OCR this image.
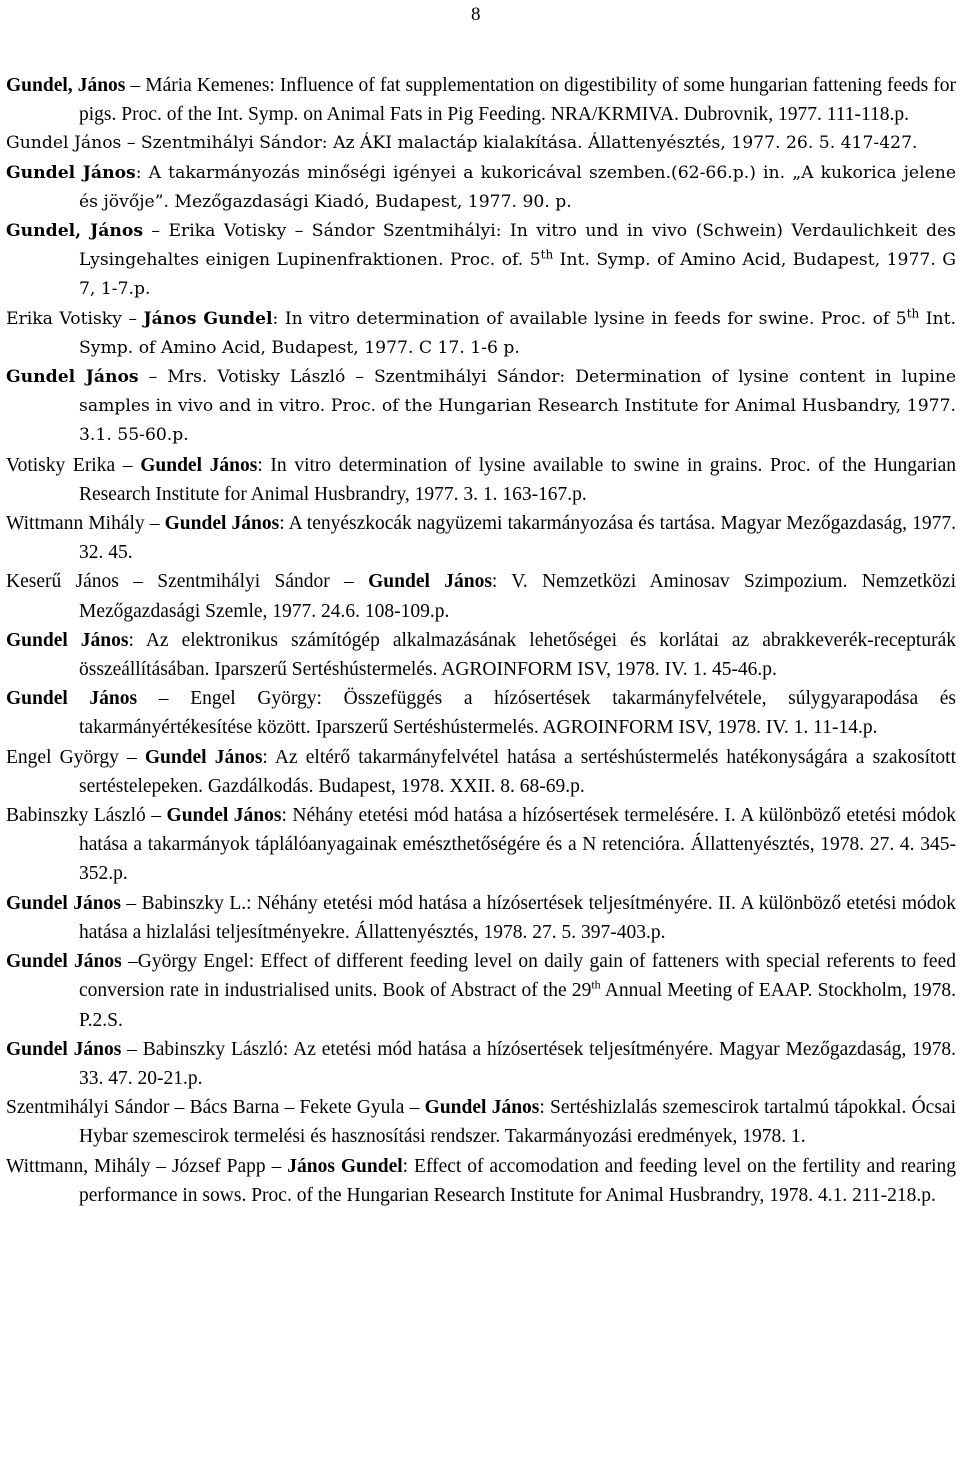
8
Gundel, János – Mária Kemenes: Influence of fat supplementation on digestibility of some hungarian fattening feeds for pigs. Proc. of the Int. Symp. on Animal Fats in Pig Feeding. NRA/KRMIVA. Dubrovnik, 1977. 111-118.p.
Gundel János – Szentmihályi Sándor: Az ÁKI malactáp kialakítása. Állattenyésztés, 1977. 26. 5. 417-427.
Gundel János: A takarmányozás minőségi igényei a kukoricával szemben.(62-66.p.) in. „A kukorica jelene és jövője”. Mezőgazdasági Kiadó, Budapest, 1977. 90. p.
Gundel, János – Erika Votisky – Sándor Szentmihályi: In vitro und in vivo (Schwein) Verdaulichkeit des Lysingehaltes einigen Lupinenfraktionen. Proc. of. 5th Int. Symp. of Amino Acid, Budapest, 1977. G 7, 1-7.p.
Erika Votisky – János Gundel: In vitro determination of available lysine in feeds for swine. Proc. of 5th Int. Symp. of Amino Acid, Budapest, 1977. C 17. 1-6 p.
Gundel János – Mrs. Votisky László – Szentmihályi Sándor: Determination of lysine content in lupine samples in vivo and in vitro. Proc. of the Hungarian Research Institute for Animal Husbandry, 1977. 3.1. 55-60.p.
Votisky Erika – Gundel János: In vitro determination of lysine available to swine in grains. Proc. of the Hungarian Research Institute for Animal Husbrandry, 1977. 3. 1. 163-167.p.
Wittmann Mihály – Gundel János: A tenyészkocák nagyüzemi takarmányozása és tartása. Magyar Mezőgazdaság, 1977. 32. 45.
Keserű János – Szentmihályi Sándor – Gundel János: V. Nemzetközi Aminosav Szimpozium. Nemzetközi Mezőgazdasági Szemle, 1977. 24.6. 108-109.p.
Gundel János: Az elektronikus számítógép alkalmazásának lehetőségei és korlátai az abrakkeverék-recepturák összeállításában. Iparszerű Sertéshústermelés. AGROINFORM ISV, 1978. IV. 1. 45-46.p.
Gundel János – Engel György: Összefüggés a hízósertések takarmányfelvétele, súlygyarapodása és takarmányértékesítése között. Iparszerű Sertéshústermelés. AGROINFORM ISV, 1978. IV. 1. 11-14.p.
Engel György – Gundel János: Az eltérő takarmányfelvétel hatása a sertéshústermelés hatékonyságára a szakosított sertéstelepeken. Gazdálkodás. Budapest, 1978. XXII. 8. 68-69.p.
Babinszky László – Gundel János: Néhány etetési mód hatása a hízósertések termelésére. I. A különböző etetési módok hatása a takarmányok táplálóanyagainak emészthetőségére és a N retencióra. Állattenyésztés, 1978. 27. 4. 345-352.p.
Gundel János – Babinszky L.: Néhány etetési mód hatása a hízósertések teljesítményére. II. A különböző etetési módok hatása a hizlalási teljesítményekre. Állattenyésztés, 1978. 27. 5. 397-403.p.
Gundel János –György Engel: Effect of different feeding level on daily gain of fatteners with special referents to feed conversion rate in industrialised units. Book of Abstract of the 29th Annual Meeting of EAAP. Stockholm, 1978. P.2.S.
Gundel János – Babinszky László: Az etetési mód hatása a hízósertések teljesítményére. Magyar Mezőgazdaság, 1978. 33. 47. 20-21.p.
Szentmihályi Sándor – Bács Barna – Fekete Gyula – Gundel János: Sertéshizlalás szemescirok tartalmú tápokkal. Ócsai Hybar szemescirok termelési és hasznosítási rendszer. Takarmányozási eredmények, 1978. 1.
Wittmann, Mihály – József Papp – János Gundel: Effect of accomodation and feeding level on the fertility and rearing performance in sows. Proc. of the Hungarian Research Institute for Animal Husbrandry, 1978. 4.1. 211-218.p.
